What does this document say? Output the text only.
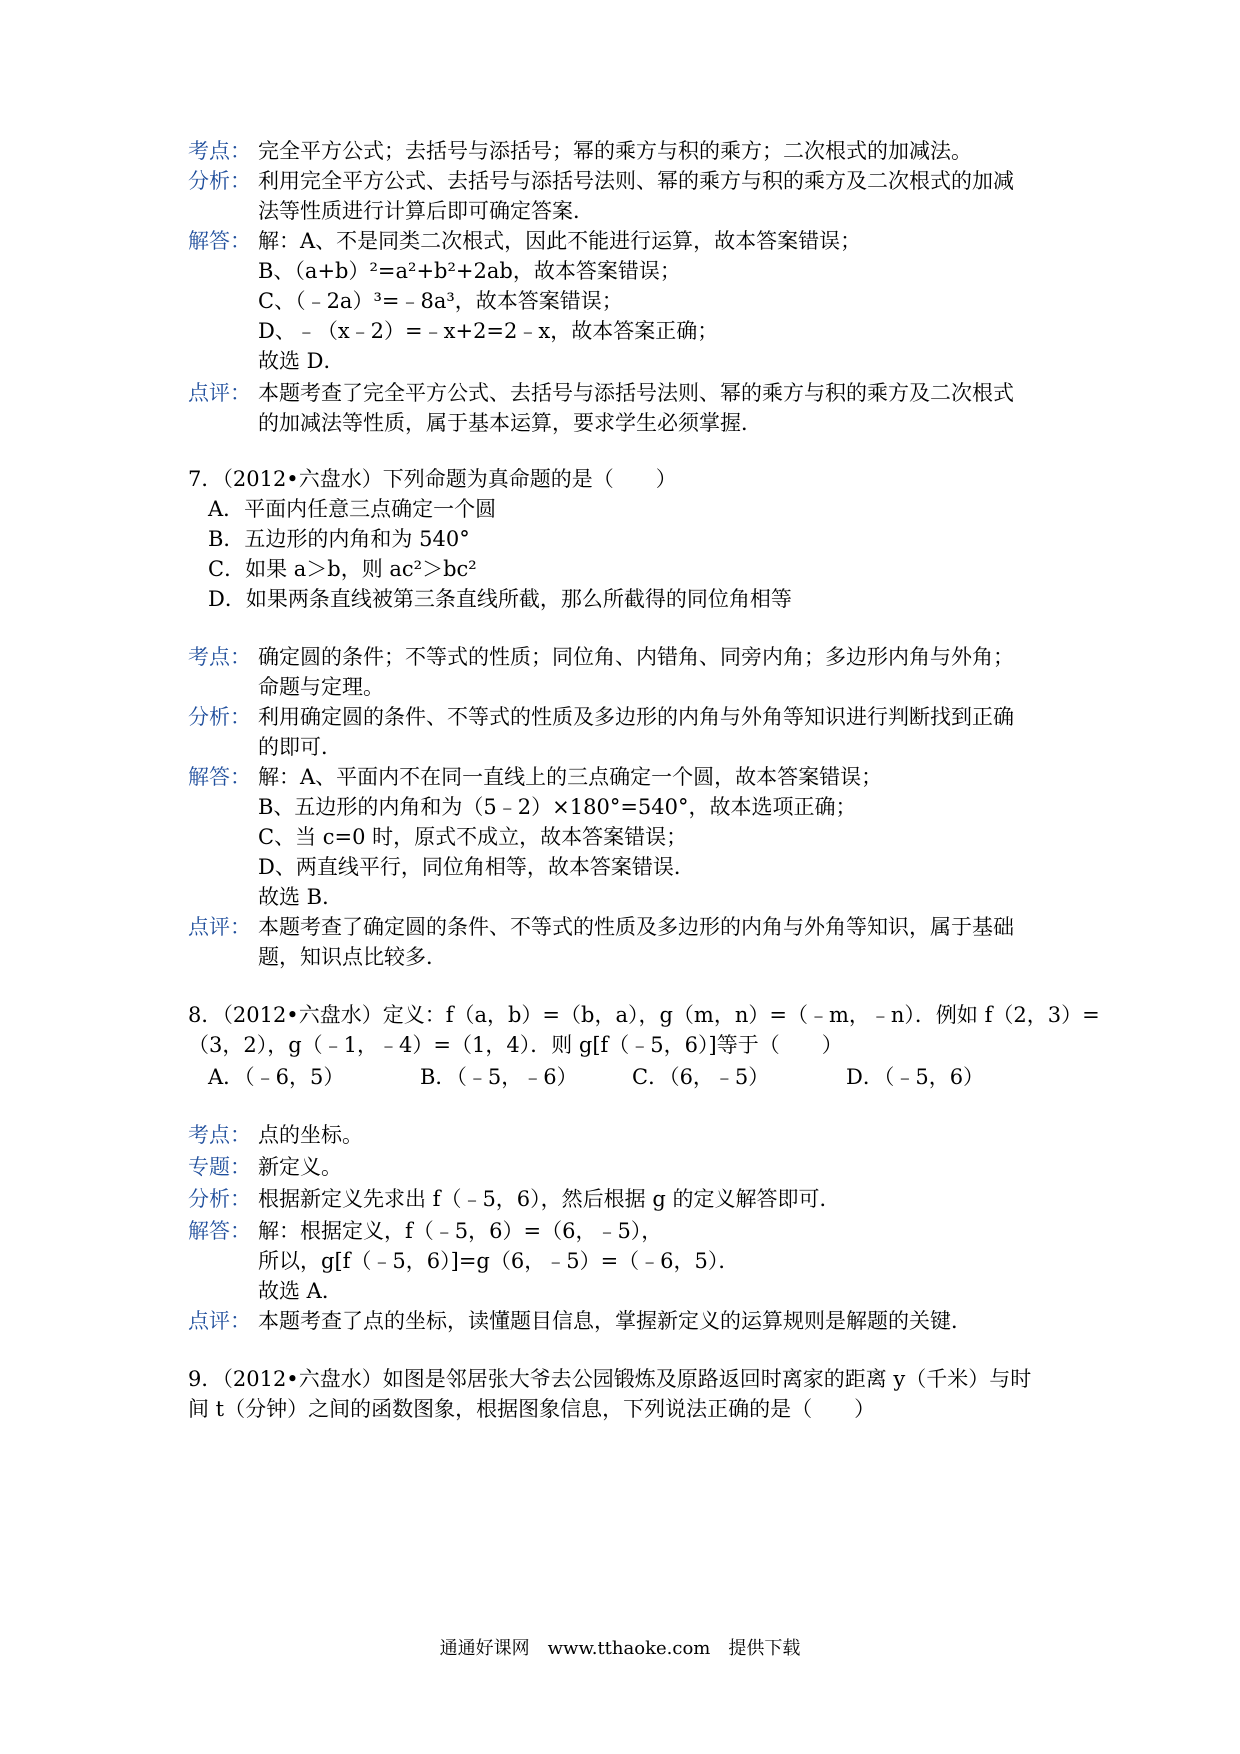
考点： 完全平方公式；去括号与添括号；幂的乘方与积的乘方；二次根式的加减法。
分析： 利用完全平方公式、去括号与添括号法则、幂的乘方与积的乘方及二次根式的加减
法等性质进行计算后即可确定答案．
解答： 解：A、不是同类二次根式，因此不能进行运算，故本答案错误；
B、（a+b）²=a²+b²+2ab，故本答案错误；
C、（﹣2a）³=﹣8a³，故本答案错误；
D、﹣（x﹣2）=﹣x+2=2﹣x，故本答案正确；
故选 D．
点评： 本题考查了完全平方公式、去括号与添括号法则、幂的乘方与积的乘方及二次根式
的加减法等性质，属于基本运算，要求学生必须掌握．
7．（2012•六盘水）下列命题为真命题的是（　　）
A．平面内任意三点确定一个圆
B．五边形的内角和为 540°
C．如果 a＞b，则 ac²＞bc²
D．如果两条直线被第三条直线所截，那么所截得的同位角相等
考点： 确定圆的条件；不等式的性质；同位角、内错角、同旁内角；多边形内角与外角；
命题与定理。
分析： 利用确定圆的条件、不等式的性质及多边形的内角与外角等知识进行判断找到正确
的即可．
解答： 解：A、平面内不在同一直线上的三点确定一个圆，故本答案错误；
B、五边形的内角和为（5﹣2）×180°=540°，故本选项正确；
C、当 c=0 时，原式不成立，故本答案错误；
D、两直线平行，同位角相等，故本答案错误．
故选 B．
点评： 本题考查了确定圆的条件、不等式的性质及多边形的内角与外角等知识，属于基础
题，知识点比较多．
8．（2012•六盘水）定义：f（a，b）=（b，a），g（m，n）=（﹣m，﹣n）．例如 f（2，3）=
（3，2），g（﹣1，﹣4）=（1，4）．则 g[f（﹣5，6）]等于（　　）
A．（﹣6，5）	B．（﹣5，﹣6）	C．（6，﹣5）	D．（﹣5，6）
考点： 点的坐标。
专题： 新定义。
分析： 根据新定义先求出 f（﹣5，6），然后根据 g 的定义解答即可．
解答： 解：根据定义，f（﹣5，6）=（6，﹣5），
所以，g[f（﹣5，6）]=g（6，﹣5）=（﹣6，5）．
故选 A．
点评： 本题考查了点的坐标，读懂题目信息，掌握新定义的运算规则是解题的关键．
9．（2012•六盘水）如图是邻居张大爷去公园锻炼及原路返回时离家的距离 y（千米）与时
间 t（分钟）之间的函数图象，根据图象信息，下列说法正确的是（　　）
通通好课网　www.tthaoke.com　提供下载
